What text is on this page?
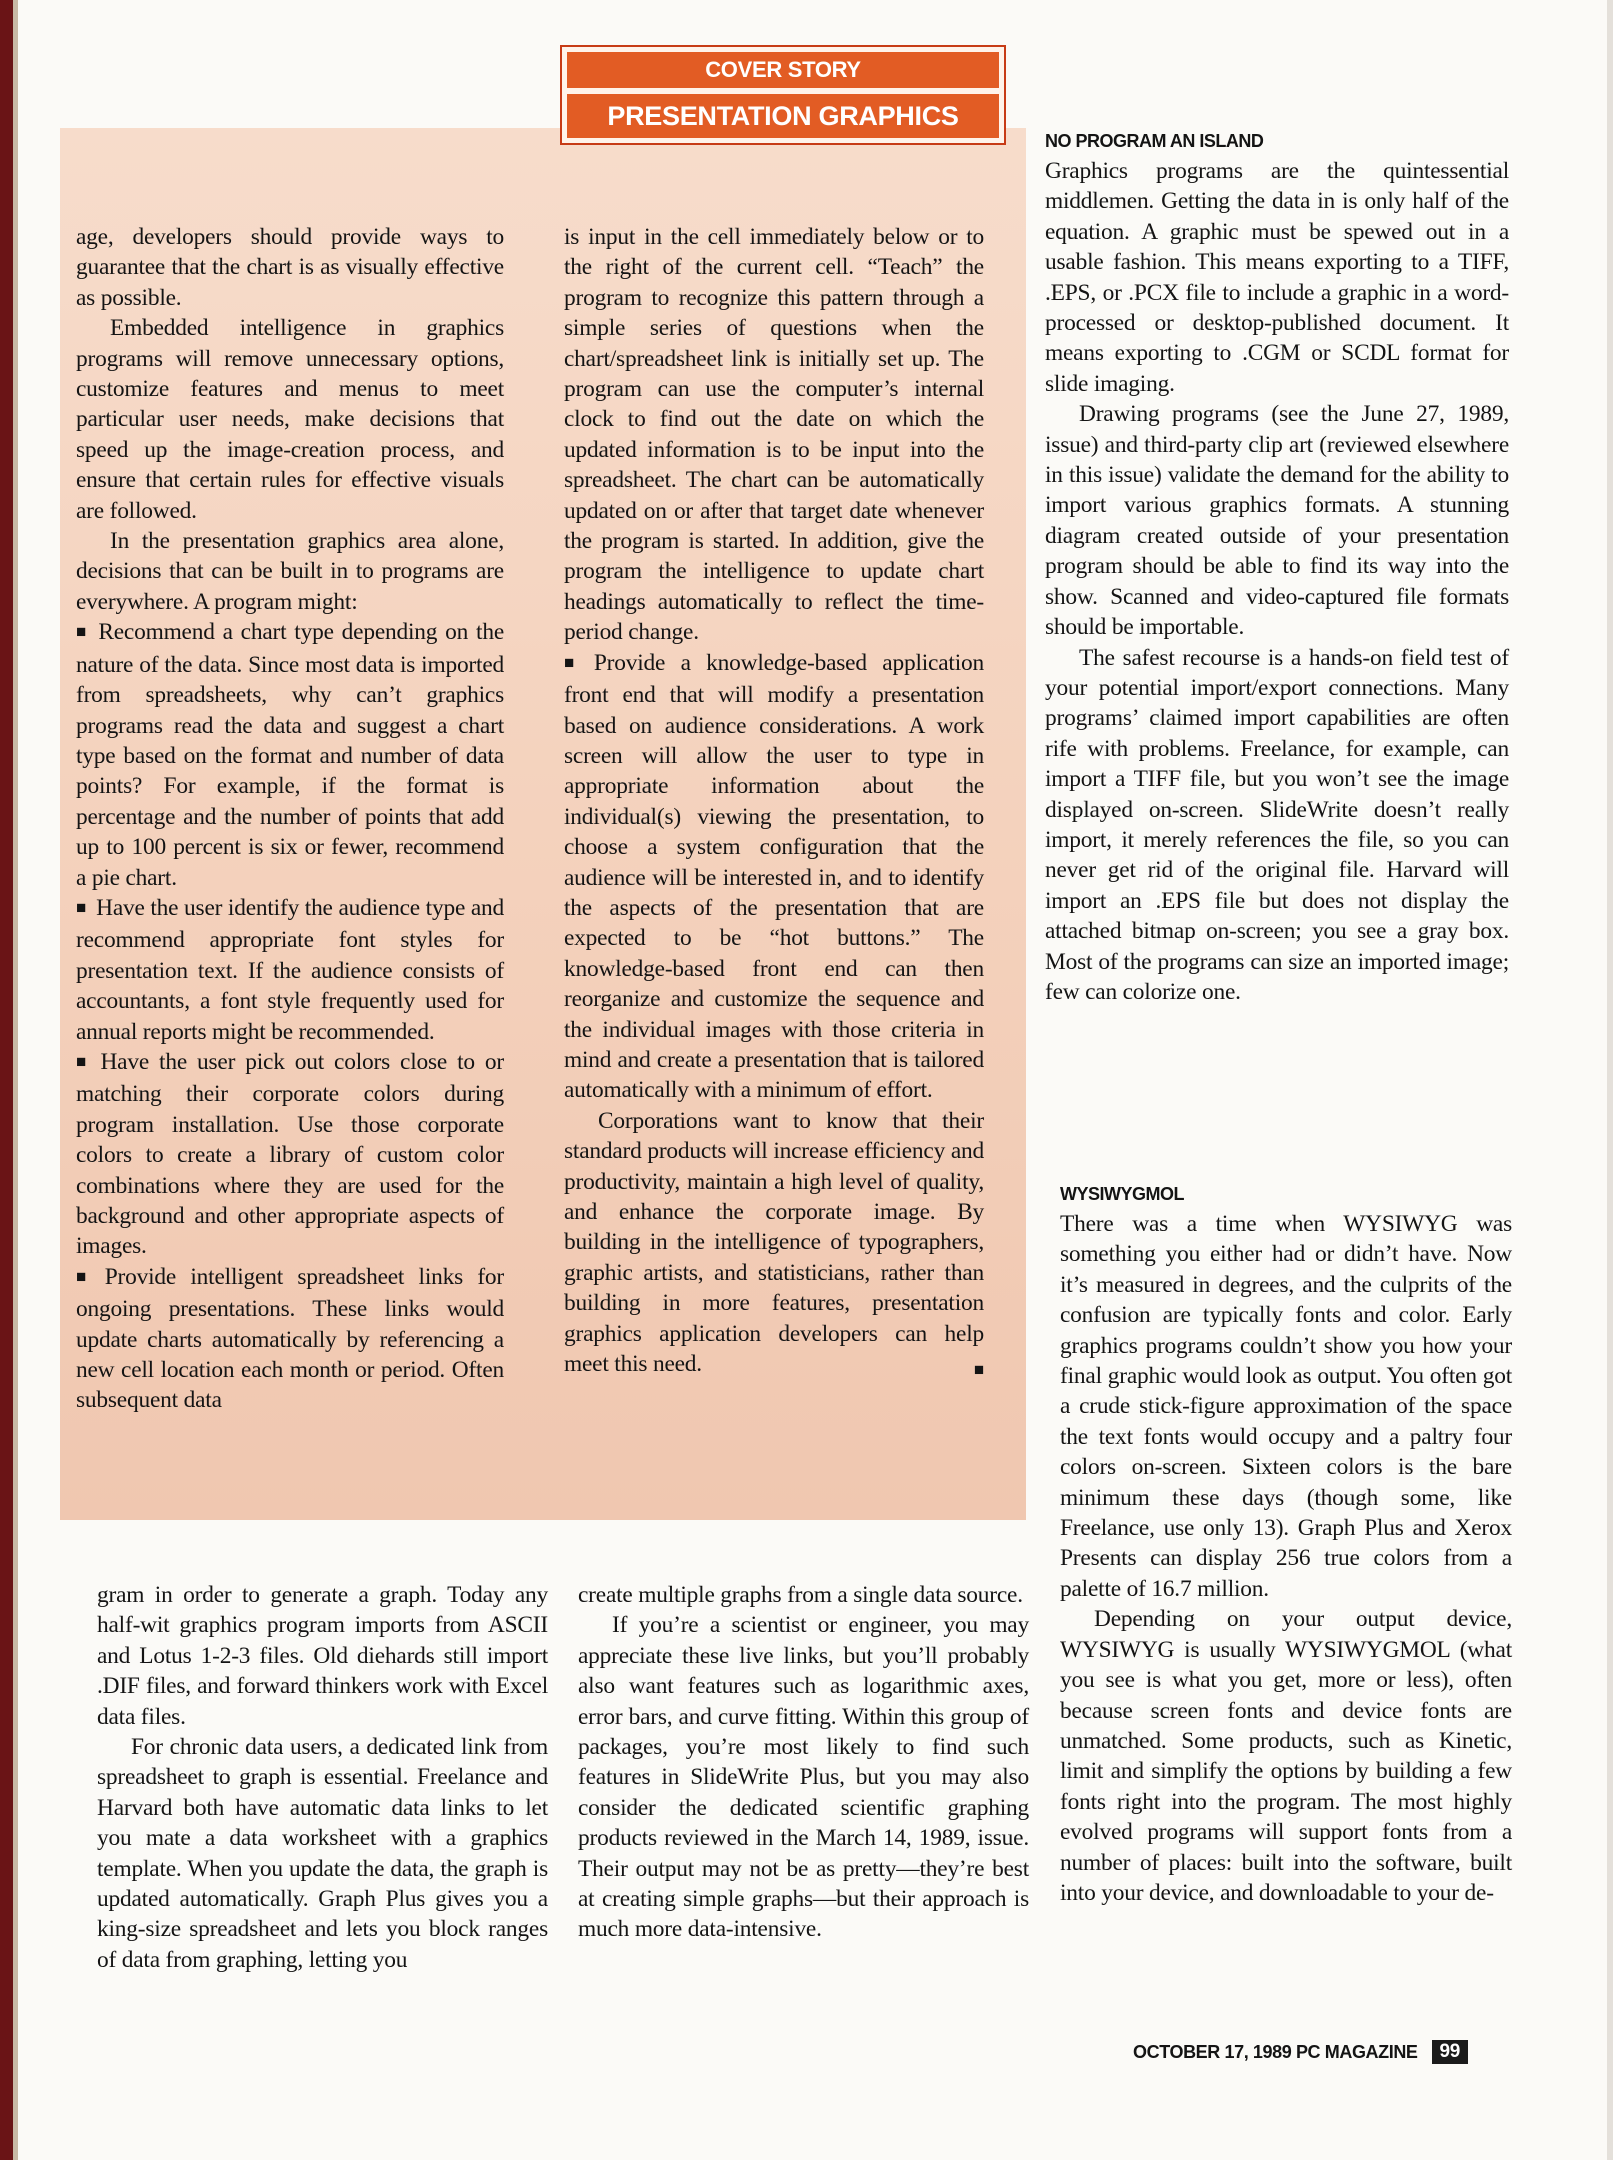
COVER STORY
PRESENTATION GRAPHICS

age, developers should provide ways to guarantee that the chart is as visually effective as possible.

Embedded intelligence in graphics programs will remove unnecessary options, customize features and menus to meet particular user needs, make decisions that speed up the image-creation process, and ensure that certain rules for effective visuals are followed.

In the presentation graphics area alone, decisions that can be built in to programs are everywhere. A program might:

■ Recommend a chart type depending on the nature of the data. Since most data is imported from spreadsheets, why can’t graphics programs read the data and suggest a chart type based on the format and number of data points? For example, if the format is percentage and the number of points that add up to 100 percent is six or fewer, recommend a pie chart.

■ Have the user identify the audience type and recommend appropriate font styles for presentation text. If the audience consists of accountants, a font style frequently used for annual reports might be recommended.

■ Have the user pick out colors close to or matching their corporate colors during program installation. Use those corporate colors to create a library of custom color combinations where they are used for the background and other appropriate aspects of images.

■ Provide intelligent spreadsheet links for ongoing presentations. These links would update charts automatically by referencing a new cell location each month or period. Often subsequent data

is input in the cell immediately below or to the right of the current cell. “Teach” the program to recognize this pattern through a simple series of questions when the chart/spreadsheet link is initially set up. The program can use the computer’s internal clock to find out the date on which the updated information is to be input into the spreadsheet. The chart can be automatically updated on or after that target date whenever the program is started. In addition, give the program the intelligence to update chart headings automatically to reflect the time-period change.

■ Provide a knowledge-based application front end that will modify a presentation based on audience considerations. A work screen will allow the user to type in appropriate information about the individual(s) viewing the presentation, to choose a system configuration that the audience will be interested in, and to identify the aspects of the presentation that are expected to be “hot buttons.” The knowledge-based front end can then reorganize and customize the sequence and the individual images with those criteria in mind and create a presentation that is tailored automatically with a minimum of effort.

Corporations want to know that their standard products will increase efficiency and productivity, maintain a high level of quality, and enhance the corporate image. By building in the intelligence of typographers, graphic artists, and statisticians, rather than building in more features, presentation graphics application developers can help meet this need.	■

gram in order to generate a graph. Today any half-wit graphics program imports from ASCII and Lotus 1-2-3 files. Old diehards still import .DIF files, and forward thinkers work with Excel data files.

For chronic data users, a dedicated link from spreadsheet to graph is essential. Freelance and Harvard both have automatic data links to let you mate a data worksheet with a graphics template. When you update the data, the graph is updated automatically. Graph Plus gives you a king-size spreadsheet and lets you block ranges of data from graphing, letting you

create multiple graphs from a single data source.

If you’re a scientist or engineer, you may appreciate these live links, but you’ll probably also want features such as logarithmic axes, error bars, and curve fitting. Within this group of packages, you’re most likely to find such features in SlideWrite Plus, but you may also consider the dedicated scientific graphing products reviewed in the March 14, 1989, issue. Their output may not be as pretty—they’re best at creating simple graphs—but their approach is much more data-intensive.

NO PROGRAM AN ISLAND

Graphics programs are the quintessential middlemen. Getting the data in is only half of the equation. A graphic must be spewed out in a usable fashion. This means exporting to a TIFF, .EPS, or .PCX file to include a graphic in a word-processed or desktop-published document. It means exporting to .CGM or SCDL format for slide imaging.

Drawing programs (see the June 27, 1989, issue) and third-party clip art (reviewed elsewhere in this issue) validate the demand for the ability to import various graphics formats. A stunning diagram created outside of your presentation program should be able to find its way into the show. Scanned and video-captured file formats should be importable.

The safest recourse is a hands-on field test of your potential import/export connections. Many programs’ claimed import capabilities are often rife with problems. Freelance, for example, can import a TIFF file, but you won’t see the image displayed on-screen. SlideWrite doesn’t really import, it merely references the file, so you can never get rid of the original file. Harvard will import an .EPS file but does not display the attached bitmap on-screen; you see a gray box. Most of the programs can size an imported image; few can colorize one.

WYSIWYGMOL

There was a time when WYSIWYG was something you either had or didn’t have. Now it’s measured in degrees, and the culprits of the confusion are typically fonts and color. Early graphics programs couldn’t show you how your final graphic would look as output. You often got a crude stick-figure approximation of the space the text fonts would occupy and a paltry four colors on-screen. Sixteen colors is the bare minimum these days (though some, like Freelance, use only 13). Graph Plus and Xerox Presents can display 256 true colors from a palette of 16.7 million.

Depending on your output device, WYSIWYG is usually WYSIWYGMOL (what you see is what you get, more or less), often because screen fonts and device fonts are unmatched. Some products, such as Kinetic, limit and simplify the options by building a few fonts right into the program. The most highly evolved programs will support fonts from a number of places: built into the software, built into your device, and downloadable to your de-

OCTOBER 17, 1989 PC MAGAZINE	99
